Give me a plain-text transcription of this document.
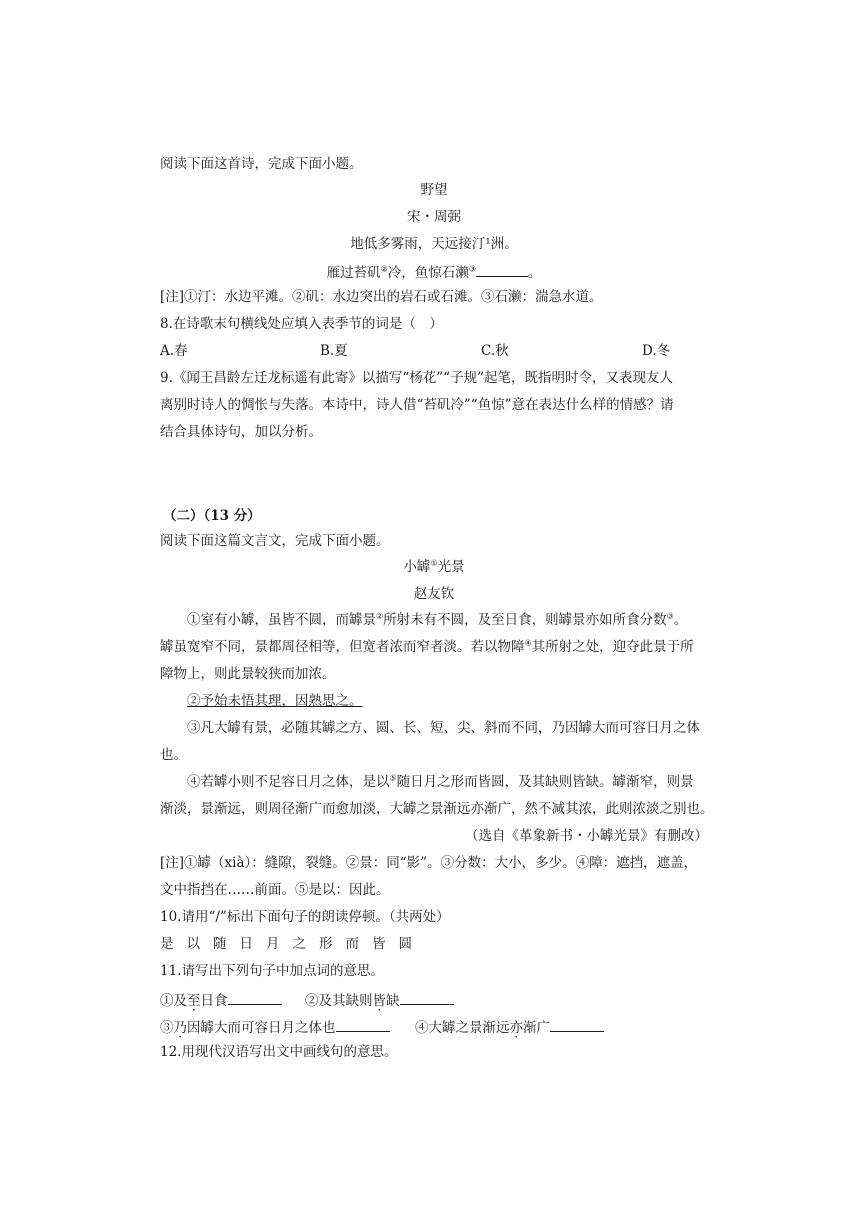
阅读下面这首诗，完成下面小题。
野望
宋・周弼
地低多雾雨，天远接汀¹洲。
雁过苔矶②冷，鱼惊石濑③	。
[注]①汀：水边平滩。②矶：水边突出的岩石或石滩。③石濑：湍急水道。
8.在诗歌末句横线处应填入表季节的词是（　）
A.春	B.夏	C.秋	D.冬
9.《闻王昌龄左迁龙标遥有此寄》以描写“杨花”“子规”起笔，既指明时令，又表现友人
离别时诗人的惆怅与失落。本诗中，诗人借“苔矶冷”“鱼惊”意在表达什么样的情感？请
结合具体诗句，加以分析。
（二）（13 分）
阅读下面这篇文言文，完成下面小题。
小罅①光景
赵友钦
①室有小罅，虽皆不圆，而罅景②所射未有不圆，及至日食，则罅景亦如所食分数③。
罅虽宽窄不同，景都周径相等，但宽者浓而窄者淡。若以物障④其所射之处，迎夺此景于所
障物上，则此景较狭而加浓。
②予始未悟其理，因熟思之。
③凡大罅有景，必随其罅之方、圆、长、短、尖、斜而不同，乃因罅大而可容日月之体
也。
④若罅小则不足容日月之体，是以⑤随日月之形而皆圆，及其缺则皆缺。罅渐窄，则景
渐淡，景渐远，则周径渐广而愈加淡，大罅之景渐远亦渐广，然不减其浓，此则浓淡之别也。
（选自《革象新书・小罅光景》有删改）
[注]①罅（xià）：缝隙，裂缝。②景：同“影”。③分数：大小，多少。④障：遮挡，遮盖，
文中指挡在……前面。⑤是以：因此。
10.请用“/”标出下面句子的朗读停顿。（共两处）
是 以 随 日 月 之 形 而 皆 圆
11.请写出下列句子中加点词的意思。
①及至日食	②及其缺则皆缺
③乃因罅大而可容日月之体也	④大罅之景渐远亦渐广
12.用现代汉语写出文中画线句的意思。
